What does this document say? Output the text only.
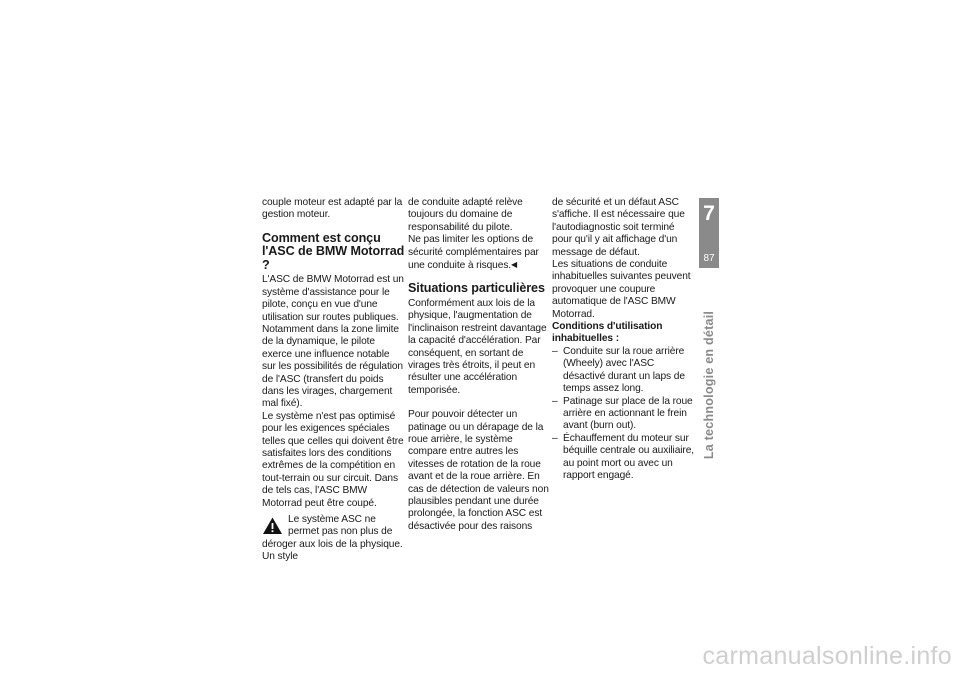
couple moteur est adapté par la gestion moteur.

Comment est conçu l'ASC de BMW Motorrad ?

L'ASC de BMW Motorrad est un système d'assistance pour le pilote, conçu en vue d'une utilisation sur routes publiques. Notamment dans la zone limite de la dynamique, le pilote exerce une influence notable sur les possibilités de régulation de l'ASC (transfert du poids dans les virages, chargement mal fixé).

Le système n'est pas optimisé pour les exigences spéciales telles que celles qui doivent être satisfaites lors des conditions extrêmes de la compétition en tout-terrain ou sur circuit. Dans de tels cas, l'ASC BMW Motorrad peut être coupé.

Le système ASC ne permet pas non plus de déroger aux lois de la physique. Un style

de conduite adapté relève toujours du domaine de responsabilité du pilote.

Ne pas limiter les options de sécurité complémentaires par une conduite à risques.◀

Situations particulières

Conformément aux lois de la physique, l'augmentation de l'inclinaison restreint davantage la capacité d'accélération. Par conséquent, en sortant de virages très étroits, il peut en résulter une accélération temporisée.

Pour pouvoir détecter un patinage ou un dérapage de la roue arrière, le système compare entre autres les vitesses de rotation de la roue avant et de la roue arrière. En cas de détection de valeurs non plausibles pendant une durée prolongée, la fonction ASC est désactivée pour des raisons

de sécurité et un défaut ASC s'affiche. Il est nécessaire que l'autodiagnostic soit terminé pour qu'il y ait affichage d'un message de défaut.

Les situations de conduite inhabituelles suivantes peuvent provoquer une coupure automatique de l'ASC BMW Motorrad.

Conditions d'utilisation inhabituelles :
– Conduite sur la roue arrière (Wheely) avec l'ASC désactivé durant un laps de temps assez long.
– Patinage sur place de la roue arrière en actionnant le frein avant (burn out).
– Échauffement du moteur sur béquille centrale ou auxiliaire, au point mort ou avec un rapport engagé.
7
87
La technologie en détail
carmanualsonline.info
